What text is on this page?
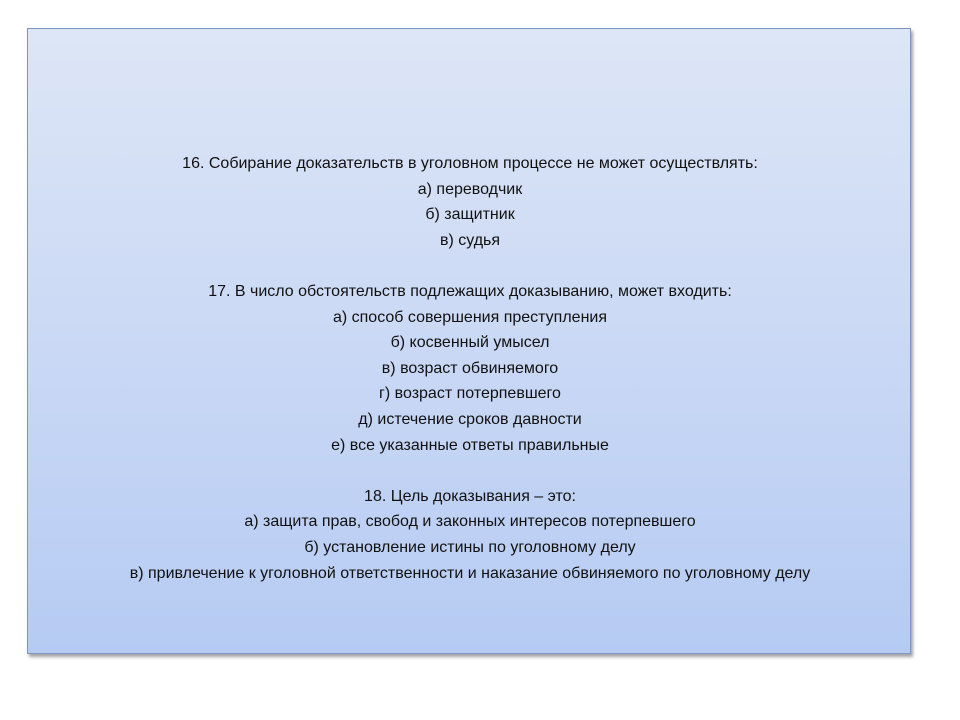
16. Собирание доказательств в уголовном процессе не может осуществлять:
а) переводчик
б) защитник
в) судья
17. В число обстоятельств подлежащих доказыванию, может входить:
а) способ совершения преступления
б) косвенный умысел
в) возраст обвиняемого
г) возраст потерпевшего
д) истечение сроков давности
е) все указанные ответы правильные
18. Цель доказывания – это:
а) защита прав, свобод и законных интересов потерпевшего
б) установление истины по уголовному делу
в) привлечение к уголовной ответственности и наказание обвиняемого по уголовному делу
